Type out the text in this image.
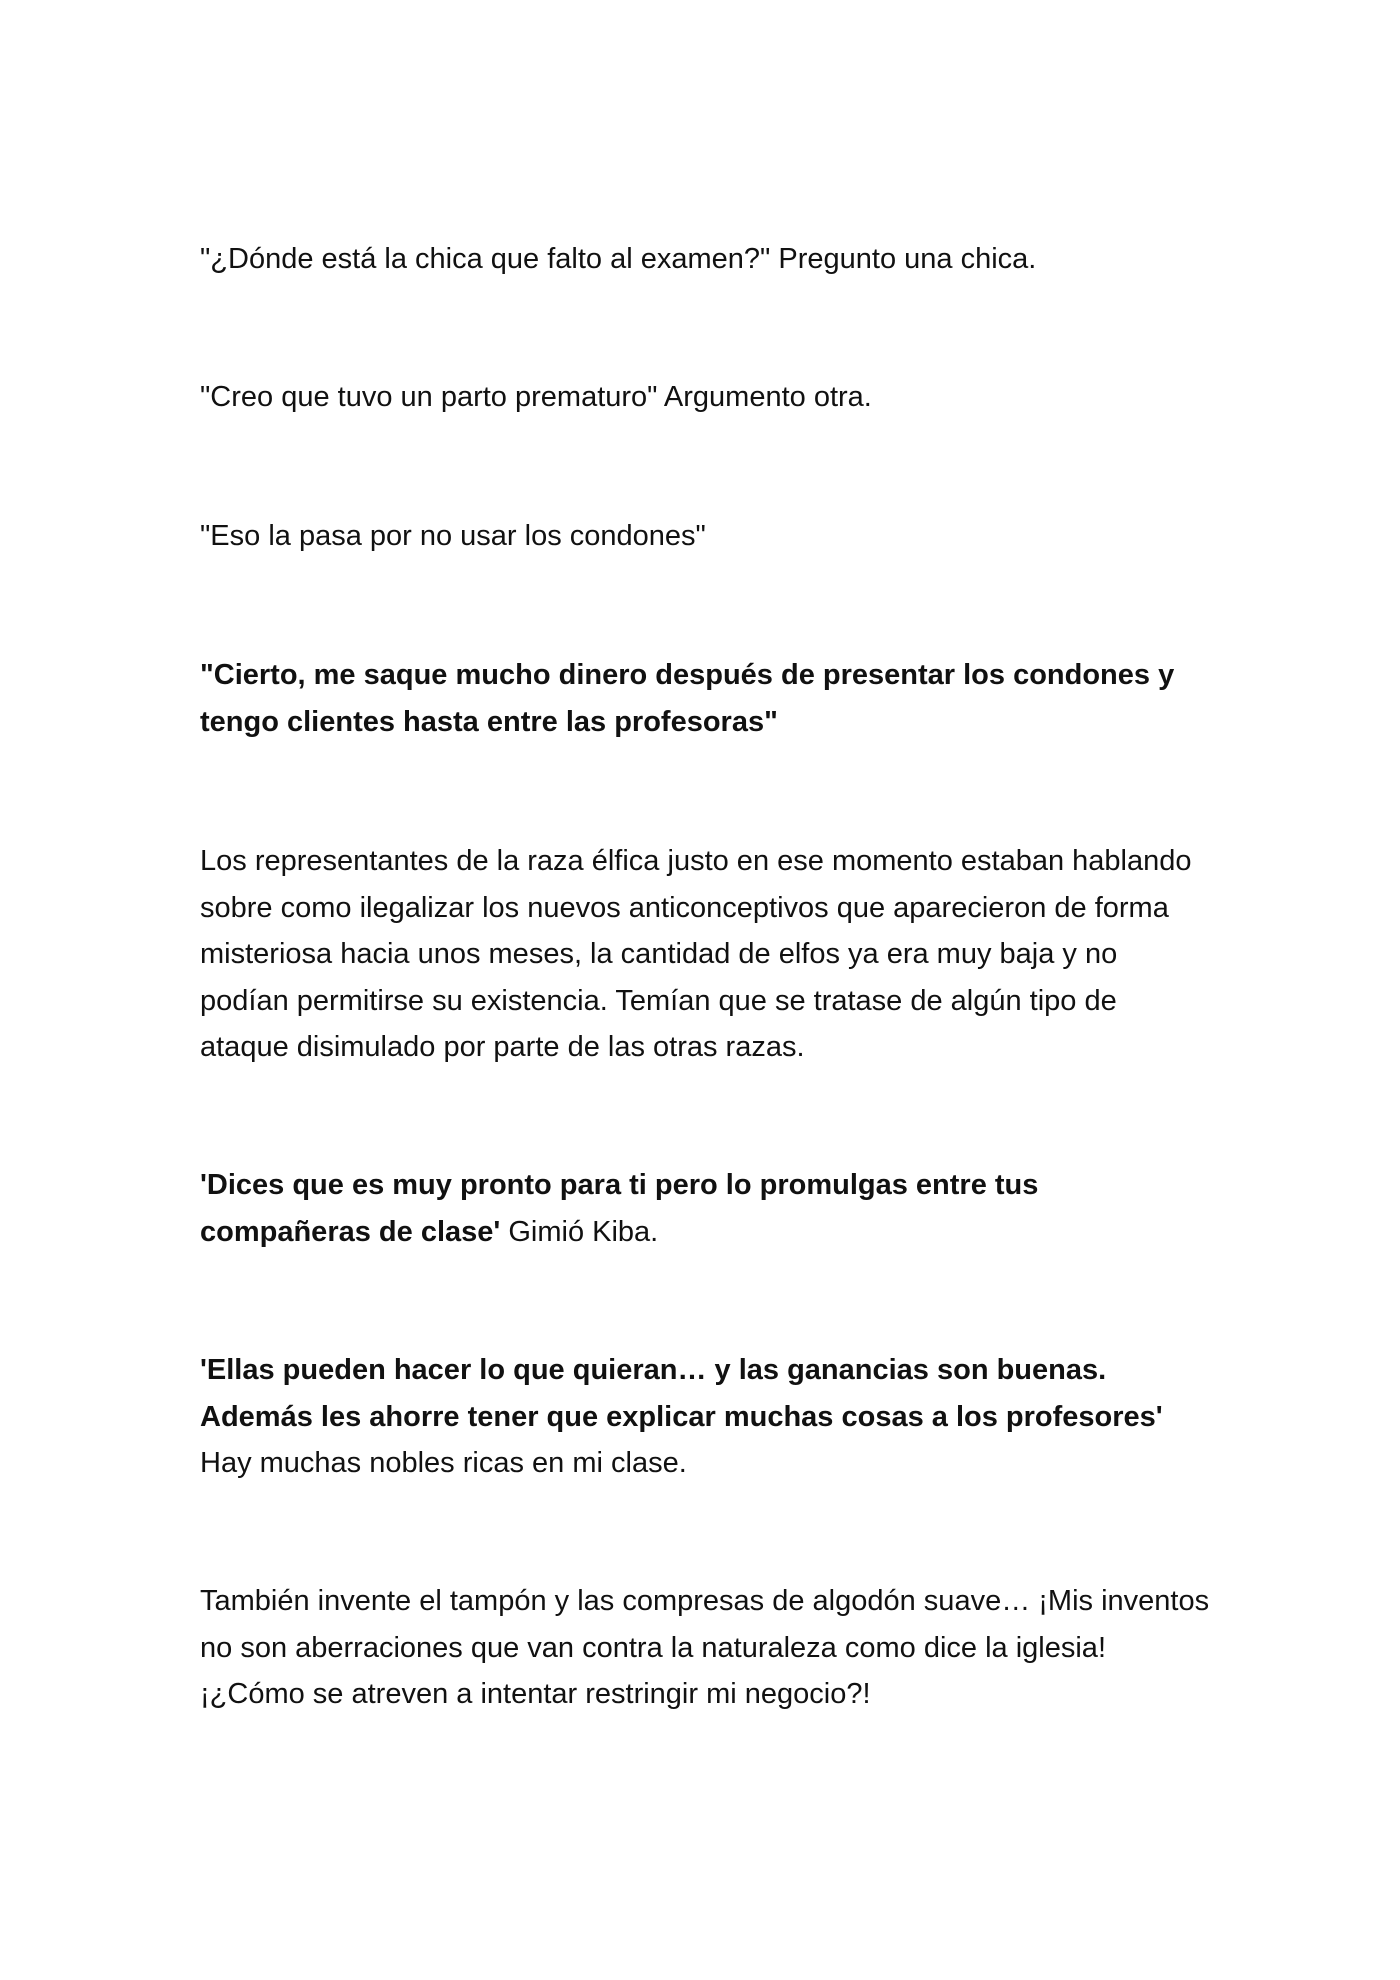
"¿Dónde está la chica que falto al examen?" Pregunto una chica.

"Creo que tuvo un parto prematuro" Argumento otra.

"Eso la pasa por no usar los condones"

"Cierto, me saque mucho dinero después de presentar los condones y tengo clientes hasta entre las profesoras"

Los representantes de la raza élfica justo en ese momento estaban hablando sobre como ilegalizar los nuevos anticonceptivos que aparecieron de forma misteriosa hacia unos meses, la cantidad de elfos ya era muy baja y no podían permitirse su existencia. Temían que se tratase de algún tipo de ataque disimulado por parte de las otras razas.

'Dices que es muy pronto para ti pero lo promulgas entre tus compañeras de clase' Gimió Kiba.

'Ellas pueden hacer lo que quieran… y las ganancias son buenas. Además les ahorre tener que explicar muchas cosas a los profesores' Hay muchas nobles ricas en mi clase.

También invente el tampón y las compresas de algodón suave… ¡Mis inventos no son aberraciones que van contra la naturaleza como dice la iglesia! ¡¿Cómo se atreven a intentar restringir mi negocio?!
